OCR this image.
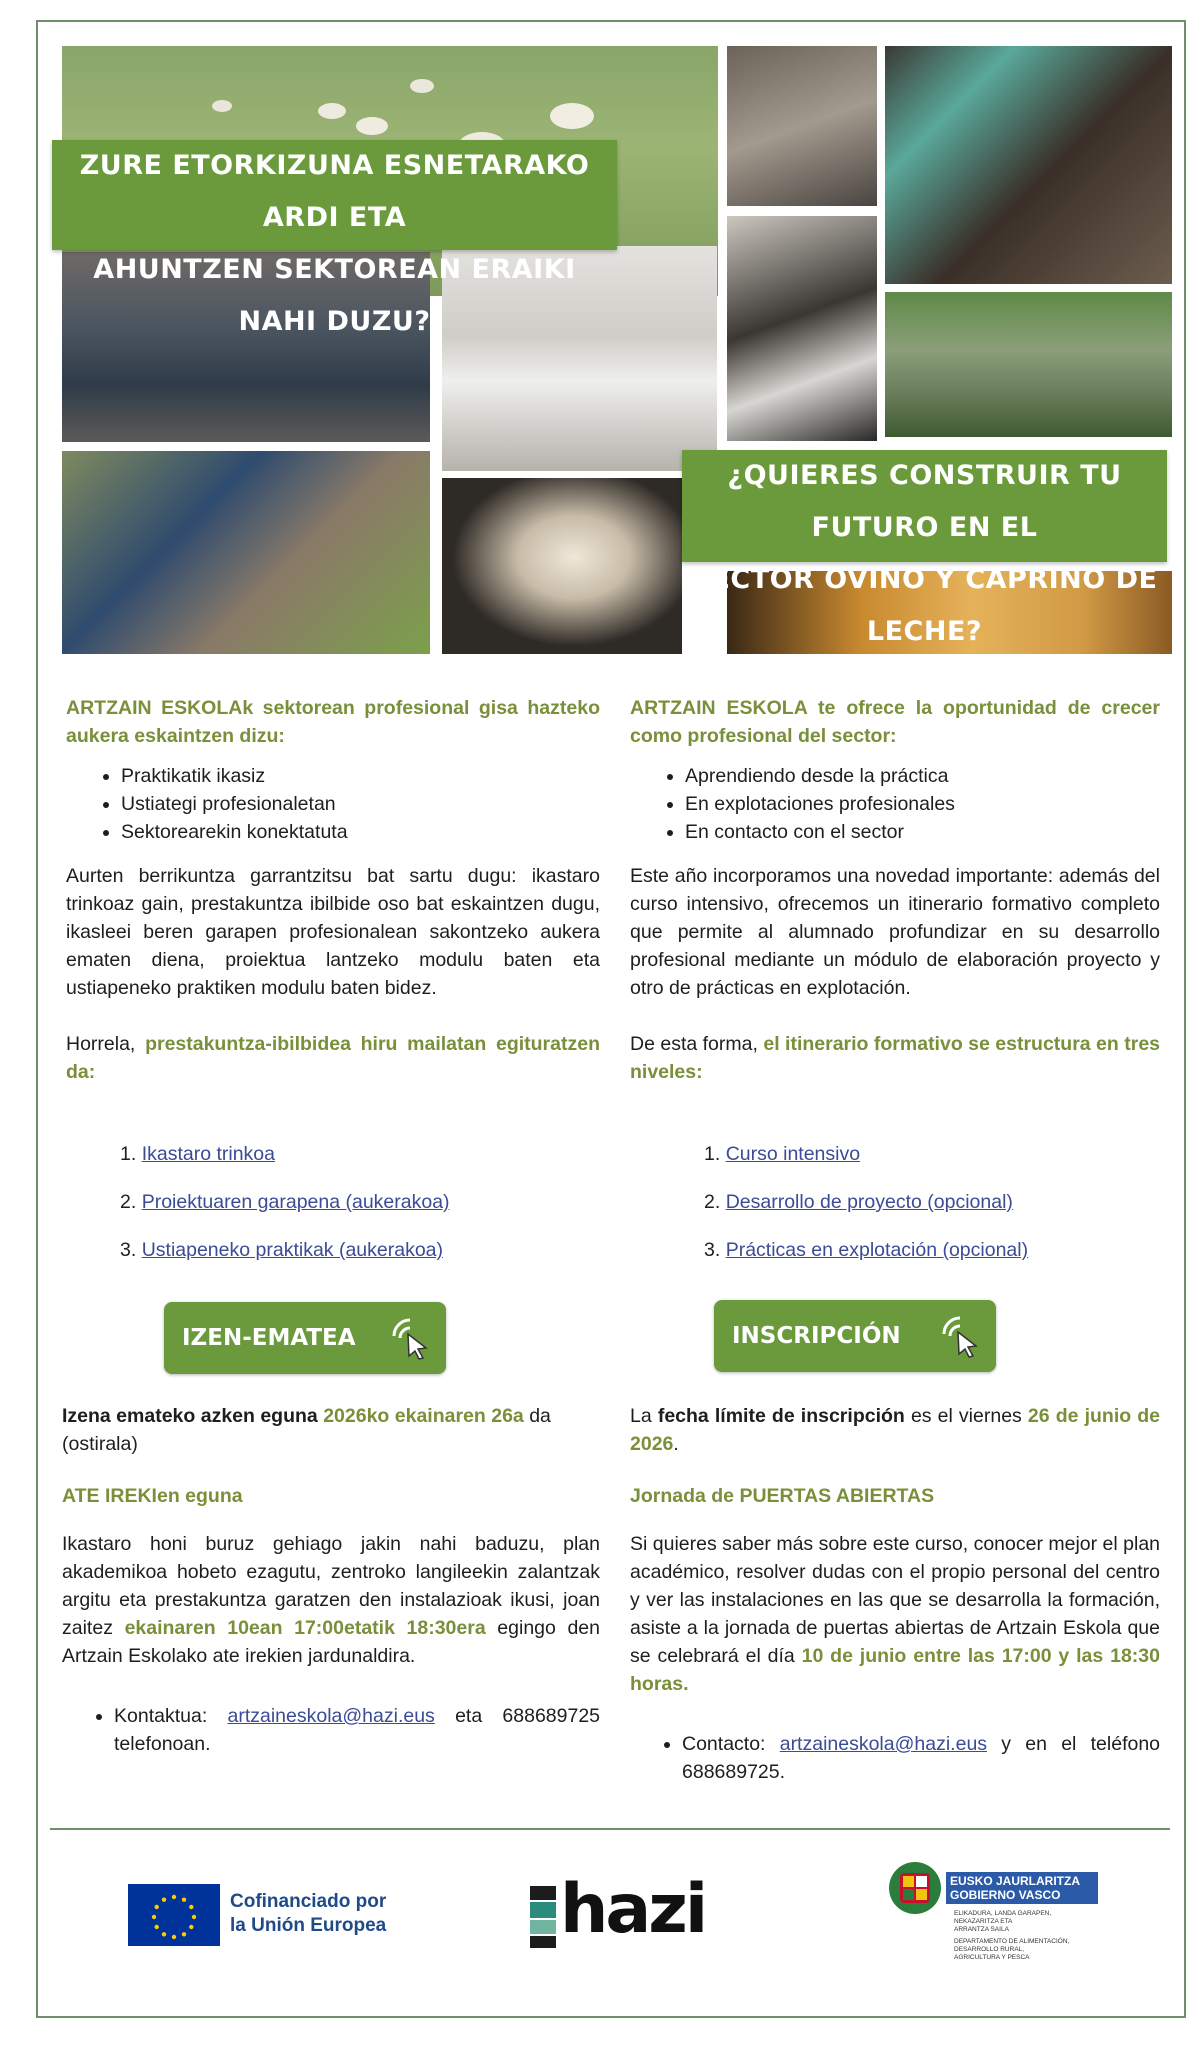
ZURE ETORKIZUNA ESNETARAKO ARDI ETA
AHUNTZEN SEKTOREAN ERAIKI NAHI DUZU?
¿QUIERES CONSTRUIR TU FUTURO EN EL
SECTOR OVINO Y CAPRINO DE LECHE?

ARTZAIN ESKOLAk sektorean profesional gisa hazteko aukera eskaintzen dizu:

• Praktikatik ikasiz
• Ustiategi profesionaletan
• Sektorearekin konektatuta

Aurten berrikuntza garrantzitsu bat sartu dugu: ikastaro trinkoaz gain, prestakuntza ibilbide oso bat eskaintzen dugu, ikasleei beren garapen profesionalean sakontzeko aukera ematen diena, proiektua lantzeko modulu baten eta ustiapeneko praktiken modulu baten bidez.

Horrela, prestakuntza-ibilbidea hiru mailatan egituratzen da:

1. Ikastaro trinkoa
2. Proiektuaren garapena (aukerakoa)
3. Ustiapeneko praktikak (aukerakoa)
IZEN-EMATEA

Izena emateko azken eguna 2026ko ekainaren 26a da (ostirala)

ATE IREKIen eguna

Ikastaro honi buruz gehiago jakin nahi baduzu, plan akademikoa hobeto ezagutu, zentroko langileekin zalantzak argitu eta prestakuntza garatzen den instalazioak ikusi, joan zaitez ekainaren 10ean 17:00etatik 18:30era egingo den Artzain Eskolako ate irekien jardunaldira.

• Kontaktua: artzaineskola@hazi.eus eta 688689725 telefonoan.

ARTZAIN ESKOLA te ofrece la oportunidad de crecer como profesional del sector:

• Aprendiendo desde la práctica
• En explotaciones profesionales
• En contacto con el sector

Este año incorporamos una novedad importante: además del curso intensivo, ofrecemos un itinerario formativo completo que permite al alumnado profundizar en su desarrollo profesional mediante un módulo de elaboración proyecto y otro de prácticas en explotación.

De esta forma, el itinerario formativo se estructura en tres niveles:

1. Curso intensivo
2. Desarrollo de proyecto (opcional)
3. Prácticas en explotación (opcional)
INSCRIPCIÓN

La fecha límite de inscripción es el viernes 26 de junio de 2026.

Jornada de PUERTAS ABIERTAS

Si quieres saber más sobre este curso, conocer mejor el plan académico, resolver dudas con el propio personal del centro y ver las instalaciones en las que se desarrolla la formación, asiste a la jornada de puertas abiertas de Artzain Eskola que se celebrará el día 10 de junio entre las 17:00 y las 18:30 horas.

• Contacto: artzaineskola@hazi.eus y en el teléfono 688689725.
Cofinanciado por
la Unión Europea	hazi	EUSKO JAURLARITZA
GOBIERNO VASCO
ELIKADURA, LANDA GARAPEN,
NEKAZARITZA ETA
ARRANTZA SAILA
DEPARTAMENTO DE ALIMENTACIÓN,
DESARROLLO RURAL,
AGRICULTURA Y PESCA
